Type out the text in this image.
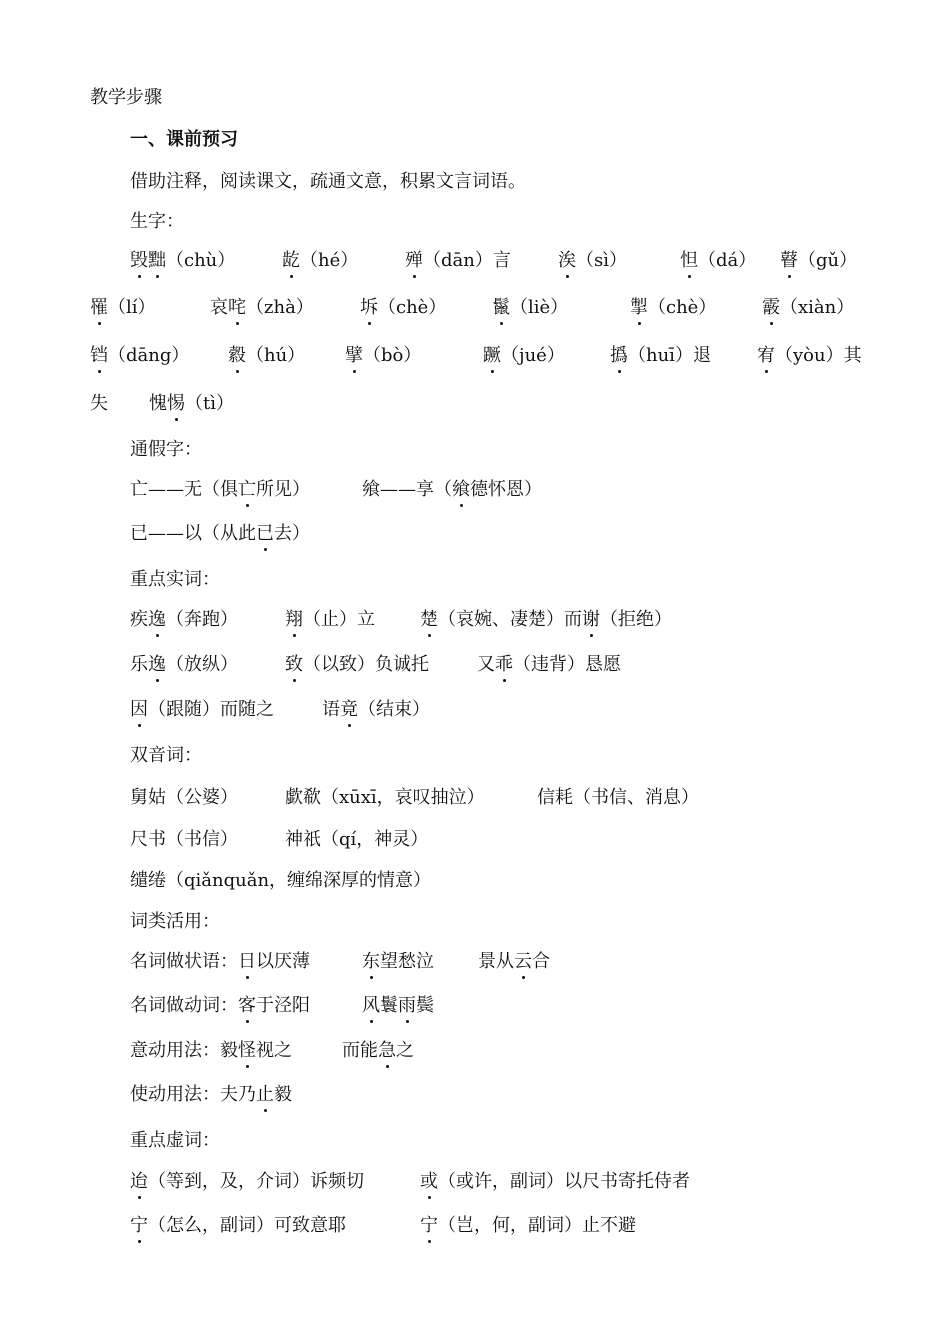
教学步骤
一、课前预习
借助注释，阅读课文，疏通文意，积累文言词语。
生字：
毁黜（chù）	龁（hé）	殚（dān）言	涘（sì）	怛（dá） 瞽（gǔ）
罹（lí）	哀咤（zhà）	坼（chè）	鬣（liè）	掣（chè）	霰（xiàn）
铛（dāng） 縠（hú） 擘（bò）	蹶（jué）	撝（huī）退	宥（yòu）其
失 愧惕（tì）
通假字：
亡——无（俱亡所见）	飨——享（飨德怀恩）
已——以（从此已去）
重点实词：
疾逸（奔跑）	翔（止）立	楚（哀婉、凄楚）而谢（拒绝）
乐逸（放纵）	致（以致）负诚托	又乖（违背）恳愿
因（跟随）而随之	语竟（结束）
双音词：
舅姑（公婆）	歔欷（xūxī，哀叹抽泣）	信耗（书信、消息）
尺书（书信）	神祇（qí，神灵）
缱绻（qiǎnquǎn，缠绵深厚的情意）
词类活用：
名词做状语：日以厌薄	东望愁泣 景从云合
名词做动词：客于泾阳	风鬟雨鬓
意动用法：毅怪视之	而能急之
使动用法：夫乃止毅
重点虚词：
迨（等到，及，介词）诉频切	或（或许，副词）以尺书寄托侍者
宁（怎么，副词）可致意耶	宁（岂，何，副词）止不避
